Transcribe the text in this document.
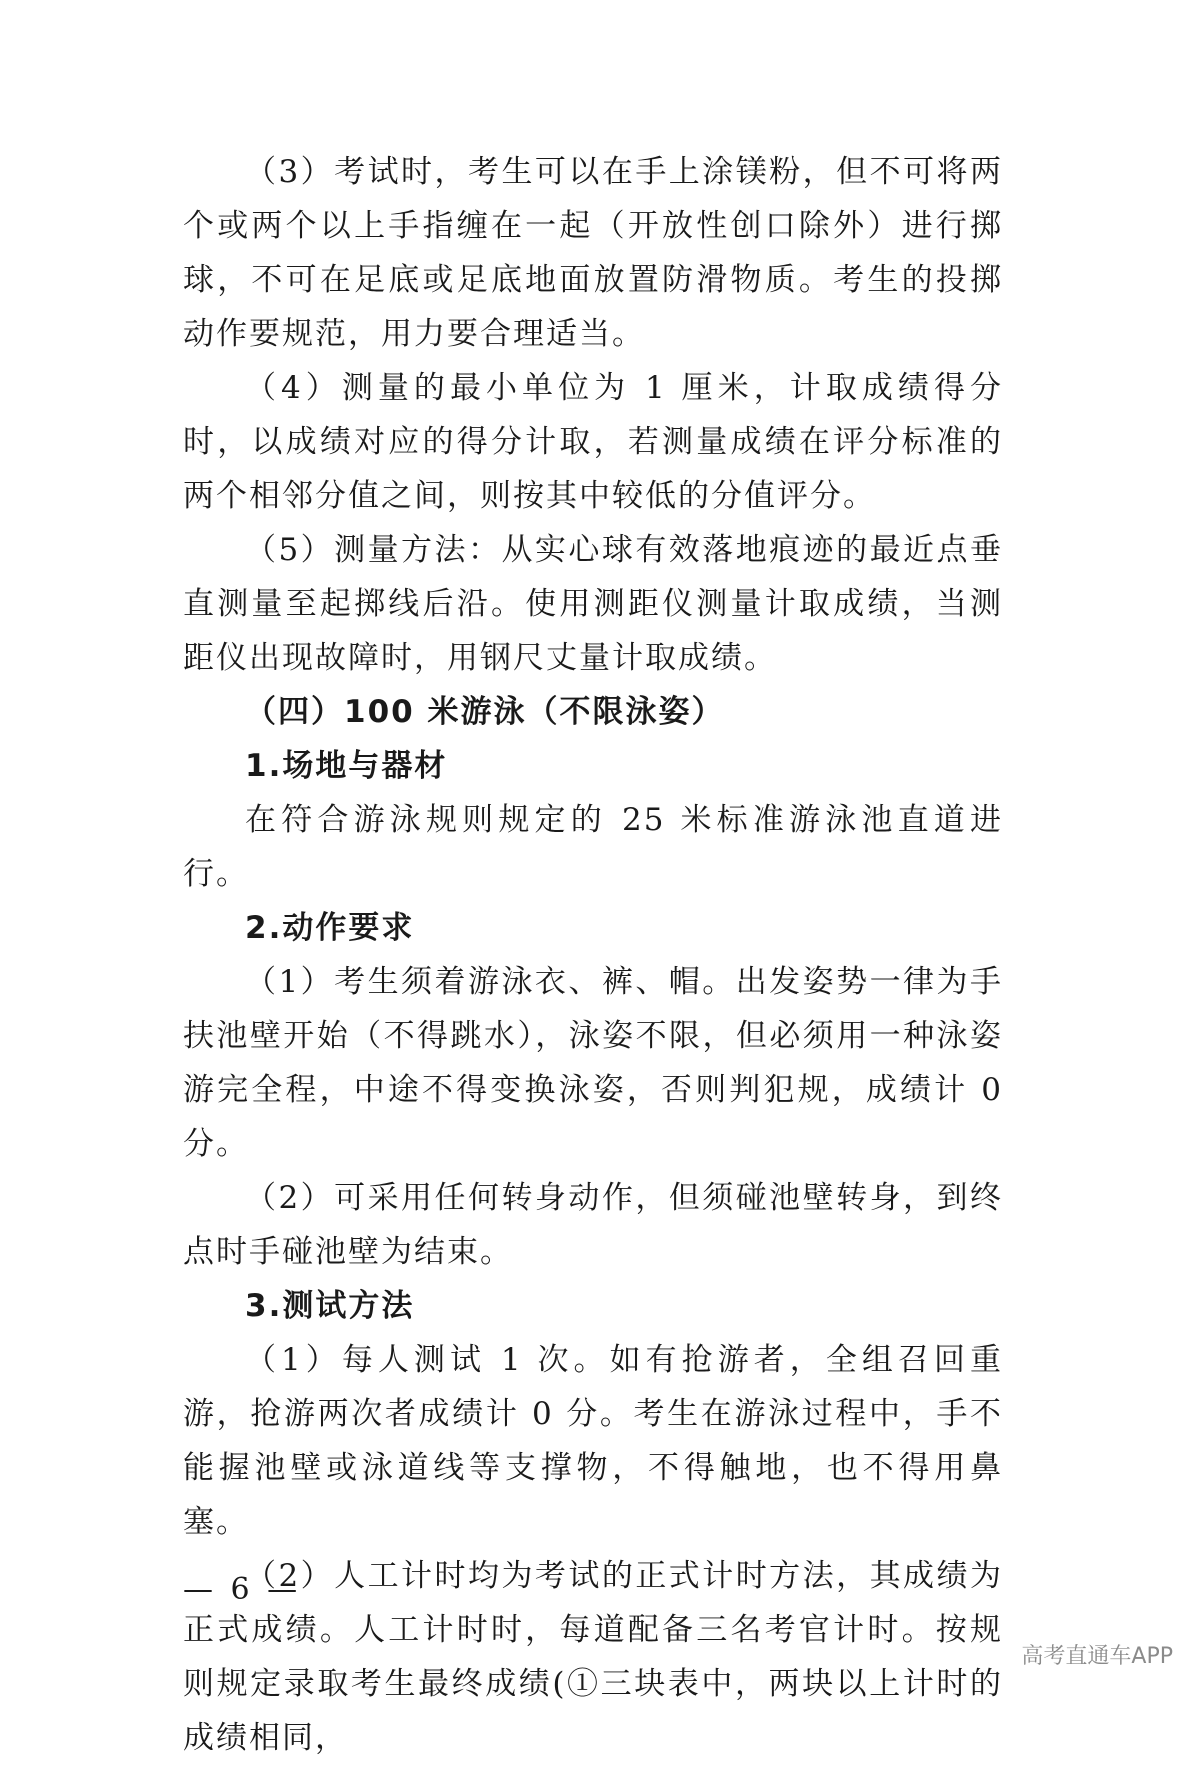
（3）考试时，考生可以在手上涂镁粉，但不可将两个或两个以上手指缠在一起（开放性创口除外）进行掷球，不可在足底或足底地面放置防滑物质。考生的投掷动作要规范，用力要合理适当。

（4）测量的最小单位为 1 厘米，计取成绩得分时，以成绩对应的得分计取，若测量成绩在评分标准的两个相邻分值之间，则按其中较低的分值评分。

（5）测量方法：从实心球有效落地痕迹的最近点垂直测量至起掷线后沿。使用测距仪测量计取成绩，当测距仪出现故障时，用钢尺丈量计取成绩。

（四）100 米游泳（不限泳姿）

1.场地与器材

在符合游泳规则规定的 25 米标准游泳池直道进行。

2.动作要求

（1）考生须着游泳衣、裤、帽。出发姿势一律为手扶池壁开始（不得跳水），泳姿不限，但必须用一种泳姿游完全程，中途不得变换泳姿，否则判犯规，成绩计 0 分。

（2）可采用任何转身动作，但须碰池壁转身，到终点时手碰池壁为结束。

3.测试方法

（1）每人测试 1 次。如有抢游者，全组召回重游，抢游两次者成绩计 0 分。考生在游泳过程中，手不能握池壁或泳道线等支撑物，不得触地，也不得用鼻塞。

（2）人工计时均为考试的正式计时方法，其成绩为正式成绩。人工计时时，每道配备三名考官计时。按规则规定录取考生最终成绩(①三块表中，两块以上计时的成绩相同，

— 6 —
高考直通车APP
